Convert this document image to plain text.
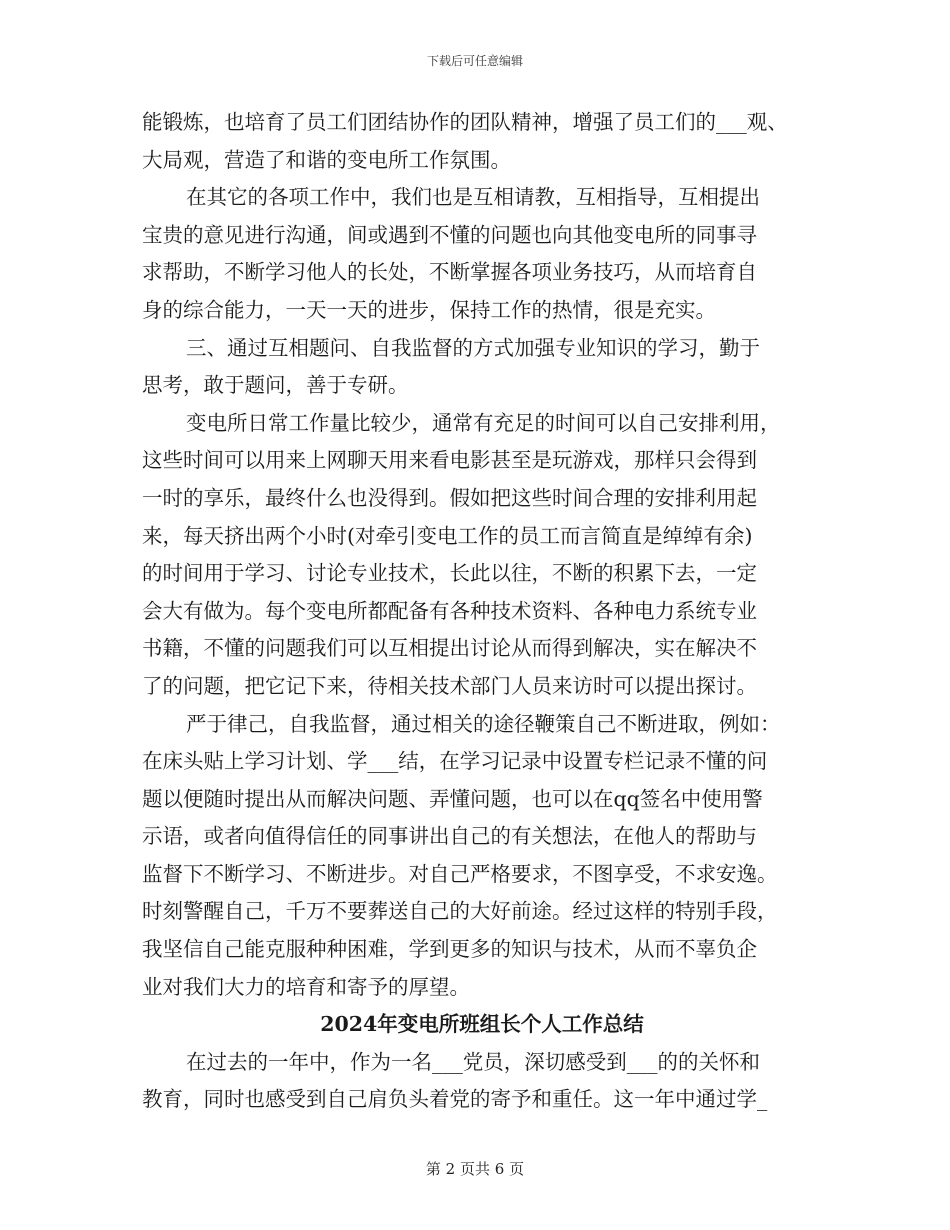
下载后可任意编辑
能锻炼，也培育了员工们团结协作的团队精神，增强了员工们的___观、
大局观，营造了和谐的变电所工作氛围。
在其它的各项工作中，我们也是互相请教，互相指导，互相提出
宝贵的意见进行沟通，间或遇到不懂的问题也向其他变电所的同事寻
求帮助，不断学习他人的长处，不断掌握各项业务技巧，从而培育自
身的综合能力，一天一天的进步，保持工作的热情，很是充实。
三、通过互相题问、自我监督的方式加强专业知识的学习，勤于
思考，敢于题问，善于专研。
变电所日常工作量比较少，通常有充足的时间可以自己安排利用，
这些时间可以用来上网聊天用来看电影甚至是玩游戏，那样只会得到
一时的享乐，最终什么也没得到。假如把这些时间合理的安排利用起
来，每天挤出两个小时(对牵引变电工作的员工而言简直是绰绰有余)
的时间用于学习、讨论专业技术，长此以往，不断的积累下去，一定
会大有做为。每个变电所都配备有各种技术资料、各种电力系统专业
书籍，不懂的问题我们可以互相提出讨论从而得到解决，实在解决不
了的问题，把它记下来，待相关技术部门人员来访时可以提出探讨。
严于律己，自我监督，通过相关的途径鞭策自己不断进取，例如：
在床头贴上学习计划、学___结，在学习记录中设置专栏记录不懂的问
题以便随时提出从而解决问题、弄懂问题，也可以在qq签名中使用警
示语，或者向值得信任的同事讲出自己的有关想法，在他人的帮助与
监督下不断学习、不断进步。对自己严格要求，不图享受，不求安逸。
时刻警醒自己，千万不要葬送自己的大好前途。经过这样的特别手段，
我坚信自己能克服种种困难，学到更多的知识与技术，从而不辜负企
业对我们大力的培育和寄予的厚望。
2024年变电所班组长个人工作总结
在过去的一年中，作为一名___党员，深切感受到___的的关怀和
教育，同时也感受到自己肩负头着党的寄予和重任。这一年中通过学_
第 2 页共 6 页
